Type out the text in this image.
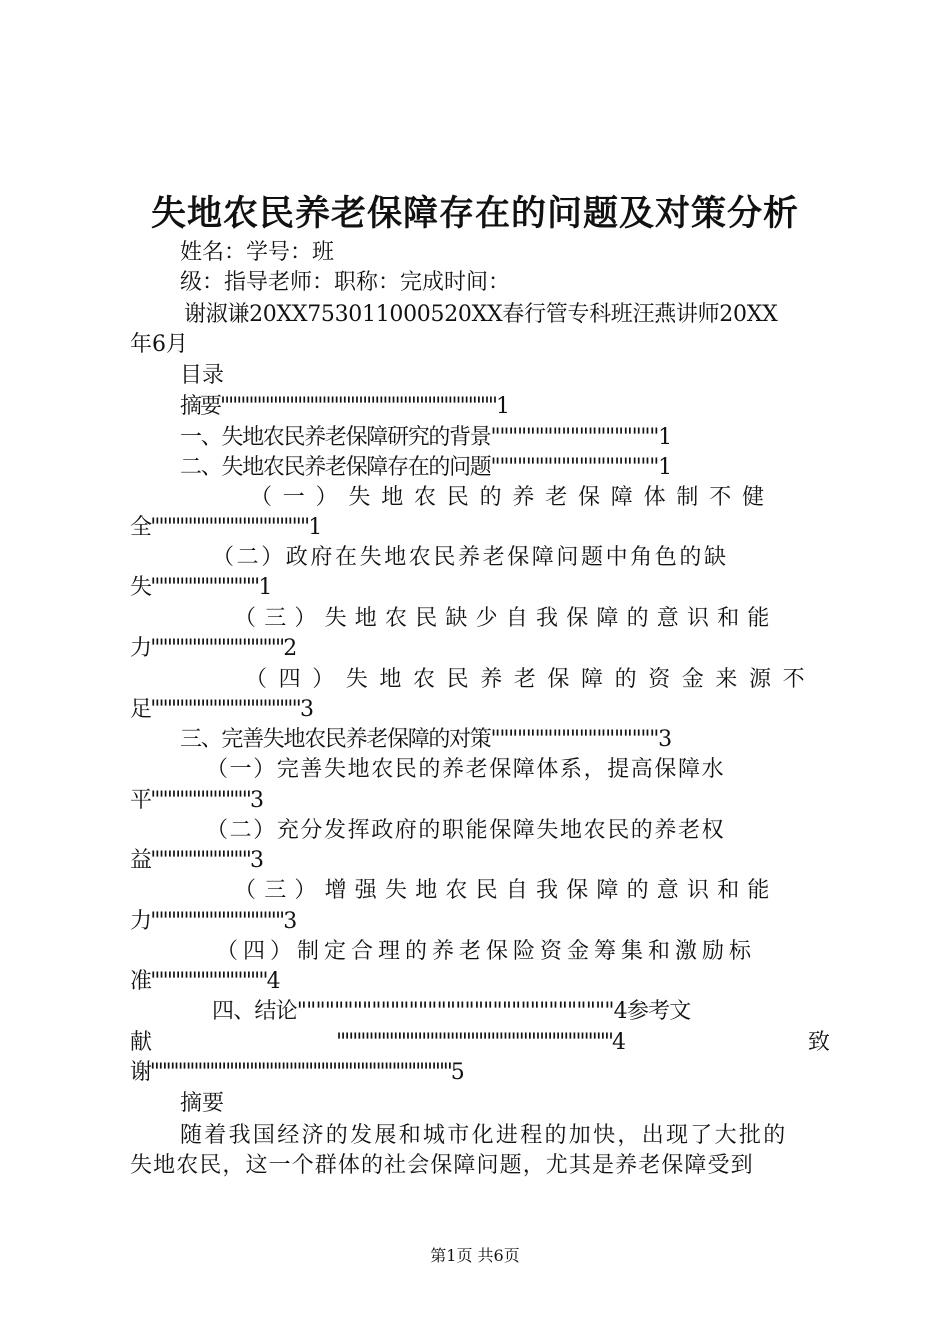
失地农民养老保障存在的问题及对策分析
姓名：学号：班
级：指导老师：职称：完成时间：
谢淑谦20XX753011000520XX春行管专科班汪燕讲师20XX
年6月
目录
摘要""""""""""""""""""""""""""""""""""1
一、失地农民养老保障研究的背景"""""""""""""""""""1
二、失地农民养老保障存在的问题"""""""""""""""""""1
（一）失地农民的养老保障体制不健
全"""""""""""""""""""1
（二）政府在失地农民养老保障问题中角色的缺
失"""""""""""""1
（三）失地农民缺少自我保障的意识和能
力""""""""""""""""2
（四）失地农民养老保障的资金来源不
足""""""""""""""""""3
三、完善失地农民养老保障的对策"""""""""""""""""""3
（一）完善失地农民的养老保障体系，提高保障水
平""""""""""""3
（二）充分发挥政府的职能保障失地农民的养老权
益""""""""""""3
（三）增强失地农民自我保障的意识和能
力""""""""""""""""3
（四）制定合理的养老保险资金筹集和激励标
准""""""""""""""4
四、结论""""""""""""""""""""""""""""""""""4参考文
献	""""""""""""""""""""""""""""""""""4	致
谢""""""""""""""""""""""""""""""""""""""5
摘要
随着我国经济的发展和城市化进程的加快，出现了大批的
失地农民，这一个群体的社会保障问题，尤其是养老保障受到
第1页 共6页
